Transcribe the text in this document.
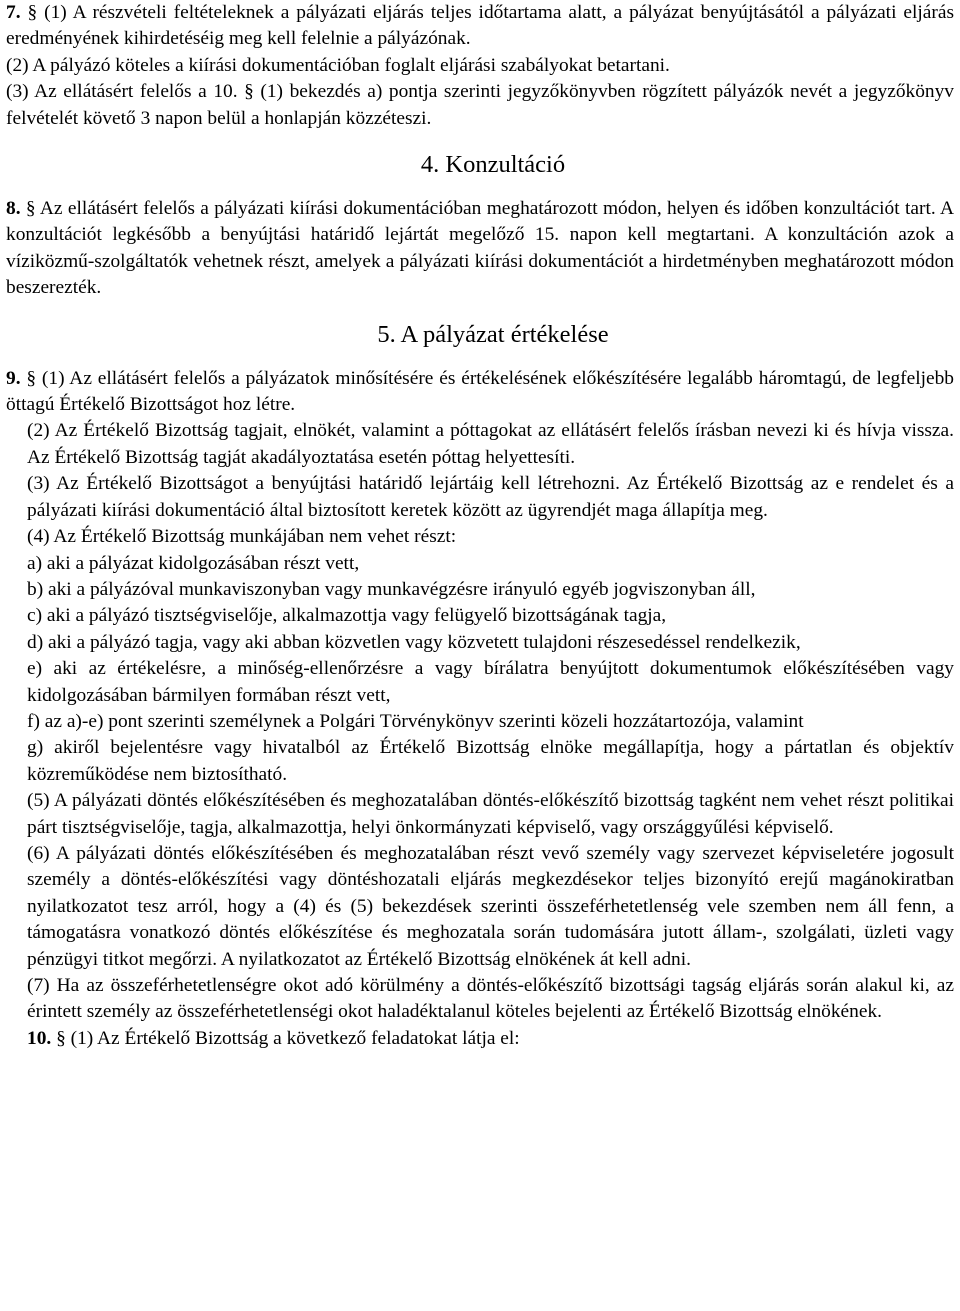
7. § (1) A részvételi feltételeknek a pályázati eljárás teljes időtartama alatt, a pályázat benyújtásától a pályázati eljárás eredményének kihirdetéséig meg kell felelnie a pályázónak.

(2) A pályázó köteles a kiírási dokumentációban foglalt eljárási szabályokat betartani.

(3) Az ellátásért felelős a 10. § (1) bekezdés a) pontja szerinti jegyzőkönyvben rögzített pályázók nevét a jegyzőkönyv felvételét követő 3 napon belül a honlapján közzéteszi.

4. Konzultáció

8. § Az ellátásért felelős a pályázati kiírási dokumentációban meghatározott módon, helyen és időben konzultációt tart. A konzultációt legkésőbb a benyújtási határidő lejártát megelőző 15. napon kell megtartani. A konzultáción azok a víziközmű-szolgáltatók vehetnek részt, amelyek a pályázati kiírási dokumentációt a hirdetményben meghatározott módon beszerezték.

5. A pályázat értékelése

9. § (1) Az ellátásért felelős a pályázatok minősítésére és értékelésének előkészítésére legalább háromtagú, de legfeljebb öttagú Értékelő Bizottságot hoz létre.

(2) Az Értékelő Bizottság tagjait, elnökét, valamint a póttagokat az ellátásért felelős írásban nevezi ki és hívja vissza. Az Értékelő Bizottság tagját akadályoztatása esetén póttag helyettesíti.

(3) Az Értékelő Bizottságot a benyújtási határidő lejártáig kell létrehozni. Az Értékelő Bizottság az e rendelet és a pályázati kiírási dokumentáció által biztosított keretek között az ügyrendjét maga állapítja meg.

(4) Az Értékelő Bizottság munkájában nem vehet részt:

a) aki a pályázat kidolgozásában részt vett,

b) aki a pályázóval munkaviszonyban vagy munkavégzésre irányuló egyéb jogviszonyban áll,

c) aki a pályázó tisztségviselője, alkalmazottja vagy felügyelő bizottságának tagja,

d) aki a pályázó tagja, vagy aki abban közvetlen vagy közvetett tulajdoni részesedéssel rendelkezik,

e) aki az értékelésre, a minőség-ellenőrzésre a vagy bírálatra benyújtott dokumentumok előkészítésében vagy kidolgozásában bármilyen formában részt vett,

f) az a)-e) pont szerinti személynek a Polgári Törvénykönyv szerinti közeli hozzátartozója, valamint

g) akiről bejelentésre vagy hivatalból az Értékelő Bizottság elnöke megállapítja, hogy a pártatlan és objektív közreműködése nem biztosítható.

(5) A pályázati döntés előkészítésében és meghozatalában döntés-előkészítő bizottság tagként nem vehet részt politikai párt tisztségviselője, tagja, alkalmazottja, helyi önkormányzati képviselő, vagy országgyűlési képviselő.

(6) A pályázati döntés előkészítésében és meghozatalában részt vevő személy vagy szervezet képviseletére jogosult személy a döntés-előkészítési vagy döntéshozatali eljárás megkezdésekor teljes bizonyító erejű magánokiratban nyilatkozatot tesz arról, hogy a (4) és (5) bekezdések szerinti összeférhetetlenség vele szemben nem áll fenn, a támogatásra vonatkozó döntés előkészítése és meghozatala során tudomására jutott állam-, szolgálati, üzleti vagy pénzügyi titkot megőrzi. A nyilatkozatot az Értékelő Bizottság elnökének át kell adni.

(7) Ha az összeférhetetlenségre okot adó körülmény a döntés-előkészítő bizottsági tagság eljárás során alakul ki, az érintett személy az összeférhetetlenségi okot haladéktalanul köteles bejelenti az Értékelő Bizottság elnökének.

10. § (1) Az Értékelő Bizottság a következő feladatokat látja el:
